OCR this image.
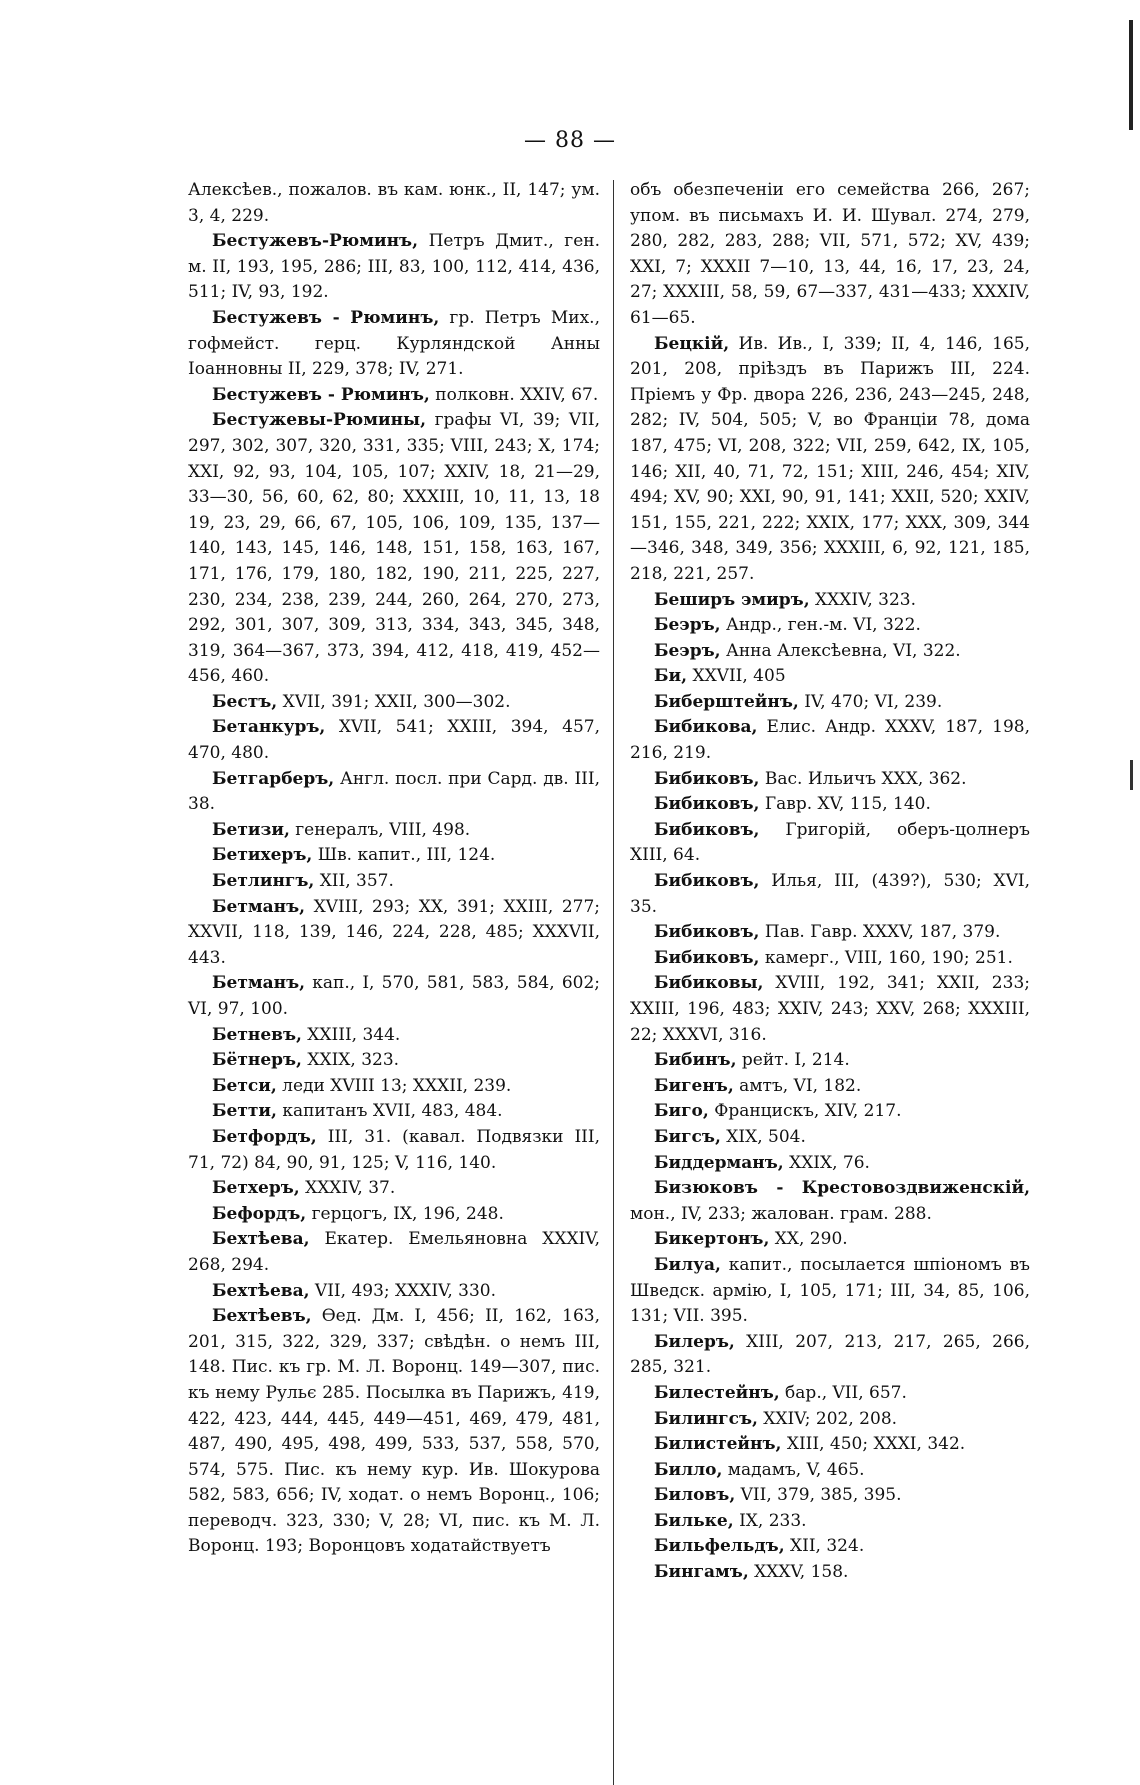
— 88 —

Алексѣев., пожалов. въ кам. юнк., II, 147; ум. 3, 4, 229.

Бестужевъ-Рюминъ, Петръ Дмит., ген. м. II, 193, 195, 286; III, 83, 100, 112, 414, 436, 511; IV, 93, 192.

Бестужевъ - Рюминъ, гр. Петръ Мих., гофмейст. герц. Курляндской Анны Іоанновны II, 229, 378; IV, 271.

Бестужевъ - Рюминъ, полковн. XXIV, 67.

Бестужевы-Рюмины, графы VI, 39; VII, 297, 302, 307, 320, 331, 335; VIII, 243; X, 174; XXI, 92, 93, 104, 105, 107; XXIV, 18, 21—29, 33—30, 56, 60, 62, 80; XXXIII, 10, 11, 13, 18 19, 23, 29, 66, 67, 105, 106, 109, 135, 137—140, 143, 145, 146, 148, 151, 158, 163, 167, 171, 176, 179, 180, 182, 190, 211, 225, 227, 230, 234, 238, 239, 244, 260, 264, 270, 273, 292, 301, 307, 309, 313, 334, 343, 345, 348, 319, 364—367, 373, 394, 412, 418, 419, 452—456, 460.

Бестъ, XVII, 391; XXII, 300—302.

Бетанкуръ, XVII, 541; XXIII, 394, 457, 470, 480.

Бетгарберъ, Англ. посл. при Сард. дв. III, 38.

Бетизи, генералъ, VIII, 498.

Бетихеръ, Шв. капит., III, 124.

Бетлингъ, XII, 357.

Бетманъ, XVIII, 293; XX, 391; XXIII, 277; XXVII, 118, 139, 146, 224, 228, 485; XXXVII, 443.

Бетманъ, кап., I, 570, 581, 583, 584, 602; VI, 97, 100.

Бетневъ, XXIII, 344.

Бётнеръ, XXIX, 323.

Бетси, леди XVIII 13; XXXII, 239.

Бетти, капитанъ XVII, 483, 484.

Бетфордъ, III, 31. (кавал. Подвязки III, 71, 72) 84, 90, 91, 125; V, 116, 140.

Бетхеръ, XXXIV, 37.

Бефордъ, герцогъ, IX, 196, 248.

Бехтѣева, Екатер. Емельяновна XXXIV, 268, 294.

Бехтѣева, VII, 493; XXXIV, 330.

Бехтѣевъ, Ѳед. Дм. I, 456; II, 162, 163, 201, 315, 322, 329, 337; свѣдѣн. о немъ III, 148. Пис. къ гр. М. Л. Воронц. 149—307, пис. къ нему Рульє 285. Посылка въ Парижъ, 419, 422, 423, 444, 445, 449—451, 469, 479, 481, 487, 490, 495, 498, 499, 533, 537, 558, 570, 574, 575. Пис. къ нему кур. Ив. Шокурова 582, 583, 656; IV, ходат. о немъ Воронц., 106; переводч. 323, 330; V, 28; VI, пис. къ М. Л. Воронц. 193; Воронцовъ ходатайствуетъ

объ обезпеченіи его семейства 266, 267; упом. въ письмахъ И. И. Шувал. 274, 279, 280, 282, 283, 288; VII, 571, 572; XV, 439; XXI, 7; XXXII 7—10, 13, 44, 16, 17, 23, 24, 27; XXXIII, 58, 59, 67—337, 431—433; XXXIV, 61—65.

Бецкій, Ив. Ив., I, 339; II, 4, 146, 165, 201, 208, пріѣздъ въ Парижъ III, 224. Пріемъ у Фр. двора 226, 236, 243—245, 248, 282; IV, 504, 505; V, во Франціи 78, дома 187, 475; VI, 208, 322; VII, 259, 642, IX, 105, 146; XII, 40, 71, 72, 151; XIII, 246, 454; XIV, 494; XV, 90; XXI, 90, 91, 141; XXII, 520; XXIV, 151, 155, 221, 222; XXIX, 177; XXX, 309, 344—346, 348, 349, 356; XXXIII, 6, 92, 121, 185, 218, 221, 257.

Беширъ эмиръ, XXXIV, 323.

Беэръ, Андр., ген.-м. VI, 322.

Беэръ, Анна Алексѣевна, VI, 322.

Би, XXVII, 405

Биберштейнъ, IV, 470; VI, 239.

Бибикова, Елис. Андр. XXXV, 187, 198, 216, 219.

Бибиковъ, Вас. Ильичъ XXX, 362.

Бибиковъ, Гавр. XV, 115, 140.

Бибиковъ, Григорій, оберъ-цолнеръ XIII, 64.

Бибиковъ, Илья, III, (439?), 530; XVI, 35.

Бибиковъ, Пав. Гавр. XXXV, 187, 379.

Бибиковъ, камерг., VIII, 160, 190; 251.

Бибиковы, XVIII, 192, 341; XXII, 233; XXIII, 196, 483; XXIV, 243; XXV, 268; XXXIII, 22; XXXVI, 316.

Бибинъ, рейт. I, 214.

Бигенъ, амтъ, VI, 182.

Биго, Францискъ, XIV, 217.

Бигсъ, XIX, 504.

Биддерманъ, XXIX, 76.

Бизюковъ - Крестовоздвиженскій, мон., IV, 233; жалован. грам. 288.

Бикертонъ, XX, 290.

Билуа, капит., посылается шпіономъ въ Шведск. армію, I, 105, 171; III, 34, 85, 106, 131; VII. 395.

Билеръ, XIII, 207, 213, 217, 265, 266, 285, 321.

Билестейнъ, бар., VII, 657.

Билингсъ, XXIV; 202, 208.

Билистейнъ, XIII, 450; XXXI, 342.

Билло, мадамъ, V, 465.

Биловъ, VII, 379, 385, 395.

Бильке, IX, 233.

Бильфельдъ, XII, 324.

Бингамъ, XXXV, 158.
